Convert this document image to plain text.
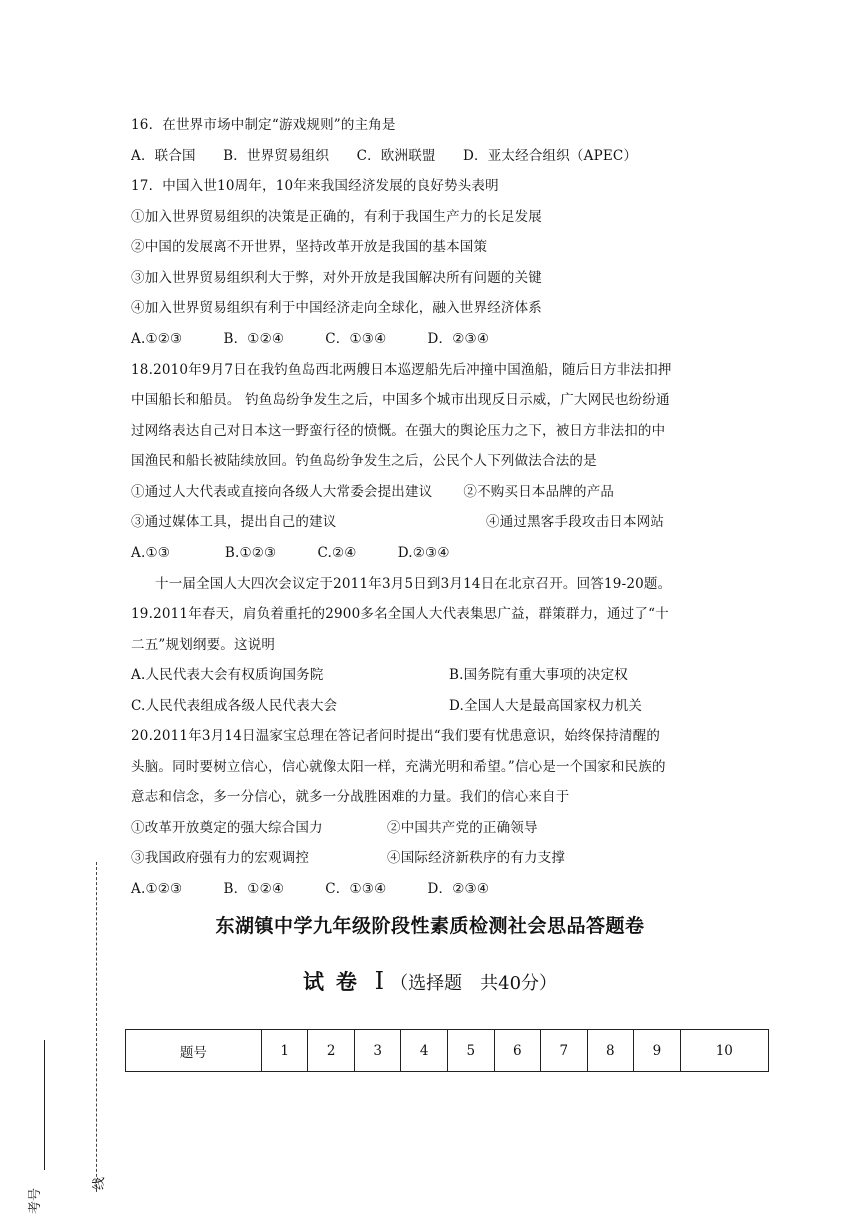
16．在世界市场中制定“游戏规则”的主角是
A．联合国　　B．世界贸易组织　　C．欧洲联盟　　D．亚太经合组织（APEC）
17．中国入世10周年，10年来我国经济发展的良好势头表明
①加入世界贸易组织的决策是正确的，有利于我国生产力的长足发展
②中国的发展离不开世界，坚持改革开放是我国的基本国策
③加入世界贸易组织利大于弊，对外开放是我国解决所有问题的关键
④加入世界贸易组织有利于中国经济走向全球化，融入世界经济体系
A.①②③　　　B．①②④　　　C．①③④　　　D．②③④
18.2010年9月7日在我钓鱼岛西北两艘日本巡逻船先后冲撞中国渔船，随后日方非法扣押
中国船长和船员。 钓鱼岛纷争发生之后，中国多个城市出现反日示威，广大网民也纷纷通
过网络表达自己对日本这一野蛮行径的愤慨。在强大的舆论压力之下，被日方非法扣的中
国渔民和船长被陆续放回。钓鱼岛纷争发生之后，公民个人下列做法合法的是
①通过人大代表或直接向各级人大常委会提出建议 ②不购买日本品牌的产品
③通过媒体工具，提出自己的建议	④通过黑客手段攻击日本网站
A.①③　　　　B.①②③　　　C.②④　　　D.②③④
十一届全国人大四次会议定于2011年3月5日到3月14日在北京召开。回答19-20题。
19.2011年春天，肩负着重托的2900多名全国人大代表集思广益，群策群力，通过了“十
二五”规划纲要。这说明
A.人民代表大会有权质询国务院	B.国务院有重大事项的决定权
C.人民代表组成各级人民代表大会	D.全国人大是最高国家权力机关
20.2011年3月14日温家宝总理在答记者问时提出“我们要有忧患意识，始终保持清醒的
头脑。同时要树立信心，信心就像太阳一样，充满光明和希望。”信心是一个国家和民族的
意志和信念，多一分信心，就多一分战胜困难的力量。我们的信心来自于
①改革开放奠定的强大综合国力	②中国共产党的正确领导
③我国政府强有力的宏观调控	④国际经济新秩序的有力支撑
A.①②③　　　B．①②④　　　C．①③④　　　D．②③④
东湖镇中学九年级阶段性素质检测社会思品答题卷
试卷 I （选择题　共40分）
题号	1	2	3	4	5	6	7	8	9	10
线
考号
